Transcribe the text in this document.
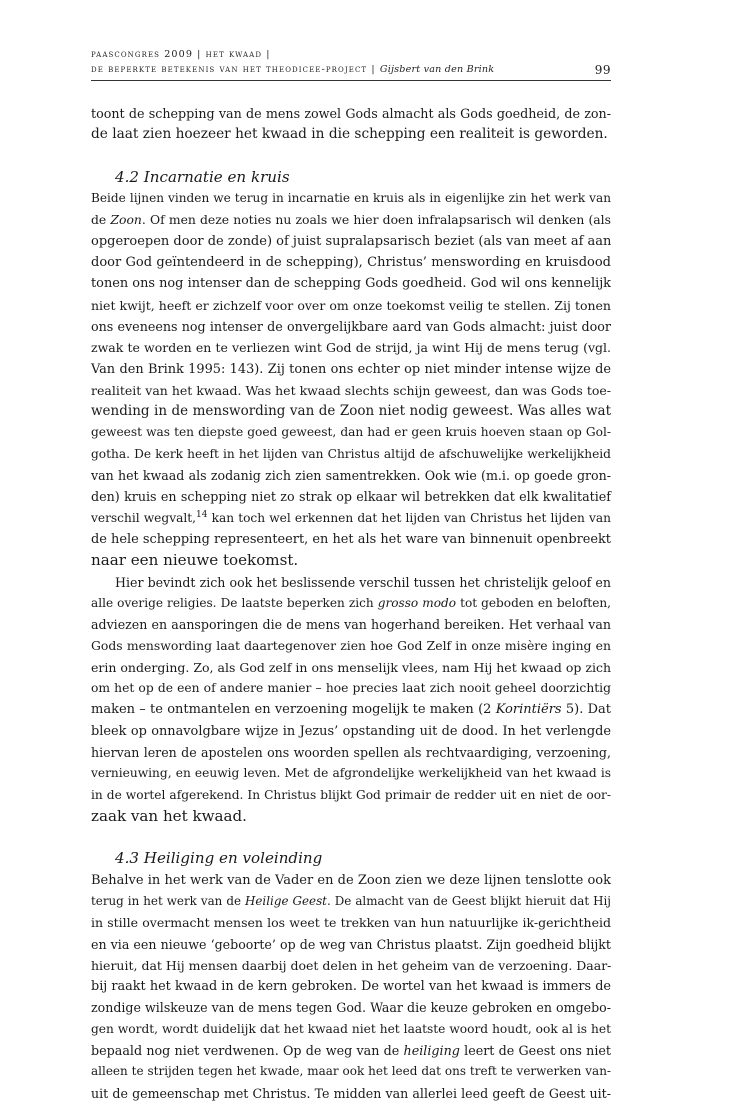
paascongres 2009 | het kwaad |
de beperkte betekenis van het theodicee-project | Gijsbert van den Brink	99
toont de schepping van de mens zowel Gods almacht als Gods goedheid, de zon-
de laat zien hoezeer het kwaad in die schepping een realiteit is geworden.
4.2 Incarnatie en kruis
Beide lijnen vinden we terug in incarnatie en kruis als in eigenlijke zin het werk van
de Zoon. Of men deze noties nu zoals we hier doen infralapsarisch wil denken (als
opgeroepen door de zonde) of juist supralapsarisch beziet (als van meet af aan
door God geïntendeerd in de schepping), Christus’ menswording en kruisdood
tonen ons nog intenser dan de schepping Gods goedheid. God wil ons kennelijk
niet kwijt, heeft er zichzelf voor over om onze toekomst veilig te stellen. Zij tonen
ons eveneens nog intenser de onvergelijkbare aard van Gods almacht: juist door
zwak te worden en te verliezen wint God de strijd, ja wint Hij de mens terug (vgl.
Van den Brink 1995: 143). Zij tonen ons echter op niet minder intense wijze de
realiteit van het kwaad. Was het kwaad slechts schijn geweest, dan was Gods toe-
wending in de menswording van de Zoon niet nodig geweest. Was alles wat
geweest was ten diepste goed geweest, dan had er geen kruis hoeven staan op Gol-
gotha. De kerk heeft in het lijden van Christus altijd de afschuwelijke werkelijkheid
van het kwaad als zodanig zich zien samentrekken. Ook wie (m.i. op goede gron-
den) kruis en schepping niet zo strak op elkaar wil betrekken dat elk kwalitatief
verschil wegvalt,$^{14}$ kan toch wel erkennen dat het lijden van Christus het lijden van
de hele schepping representeert, en het als het ware van binnenuit openbreekt
naar een nieuwe toekomst.
Hier bevindt zich ook het beslissende verschil tussen het christelijk geloof en
alle overige religies. De laatste beperken zich grosso modo tot geboden en beloften,
adviezen en aansporingen die de mens van hogerhand bereiken. Het verhaal van
Gods menswording laat daartegenover zien hoe God Zelf in onze misère inging en
erin onderging. Zo, als God zelf in ons menselijk vlees, nam Hij het kwaad op zich
om het op de een of andere manier – hoe precies laat zich nooit geheel doorzichtig
maken – te ontmantelen en verzoening mogelijk te maken (2 Korintiërs 5). Dat
bleek op onnavolgbare wijze in Jezus’ opstanding uit de dood. In het verlengde
hiervan leren de apostelen ons woorden spellen als rechtvaardiging, verzoening,
vernieuwing, en eeuwig leven. Met de afgrondelijke werkelijkheid van het kwaad is
in de wortel afgerekend. In Christus blijkt God primair de redder uit en niet de oor-
zaak van het kwaad.
4.3 Heiliging en voleinding
Behalve in het werk van de Vader en de Zoon zien we deze lijnen tenslotte ook
terug in het werk van de Heilige Geest. De almacht van de Geest blijkt hieruit dat Hij
in stille overmacht mensen los weet te trekken van hun natuurlijke ik-gerichtheid
en via een nieuwe ‘geboorte’ op de weg van Christus plaatst. Zijn goedheid blijkt
hieruit, dat Hij mensen daarbij doet delen in het geheim van de verzoening. Daar-
bij raakt het kwaad in de kern gebroken. De wortel van het kwaad is immers de
zondige wilskeuze van de mens tegen God. Waar die keuze gebroken en omgebo-
gen wordt, wordt duidelijk dat het kwaad niet het laatste woord houdt, ook al is het
bepaald nog niet verdwenen. Op de weg van de heiliging leert de Geest ons niet
alleen te strijden tegen het kwade, maar ook het leed dat ons treft te verwerken van-
uit de gemeenschap met Christus. Te midden van allerlei leed geeft de Geest uit-
